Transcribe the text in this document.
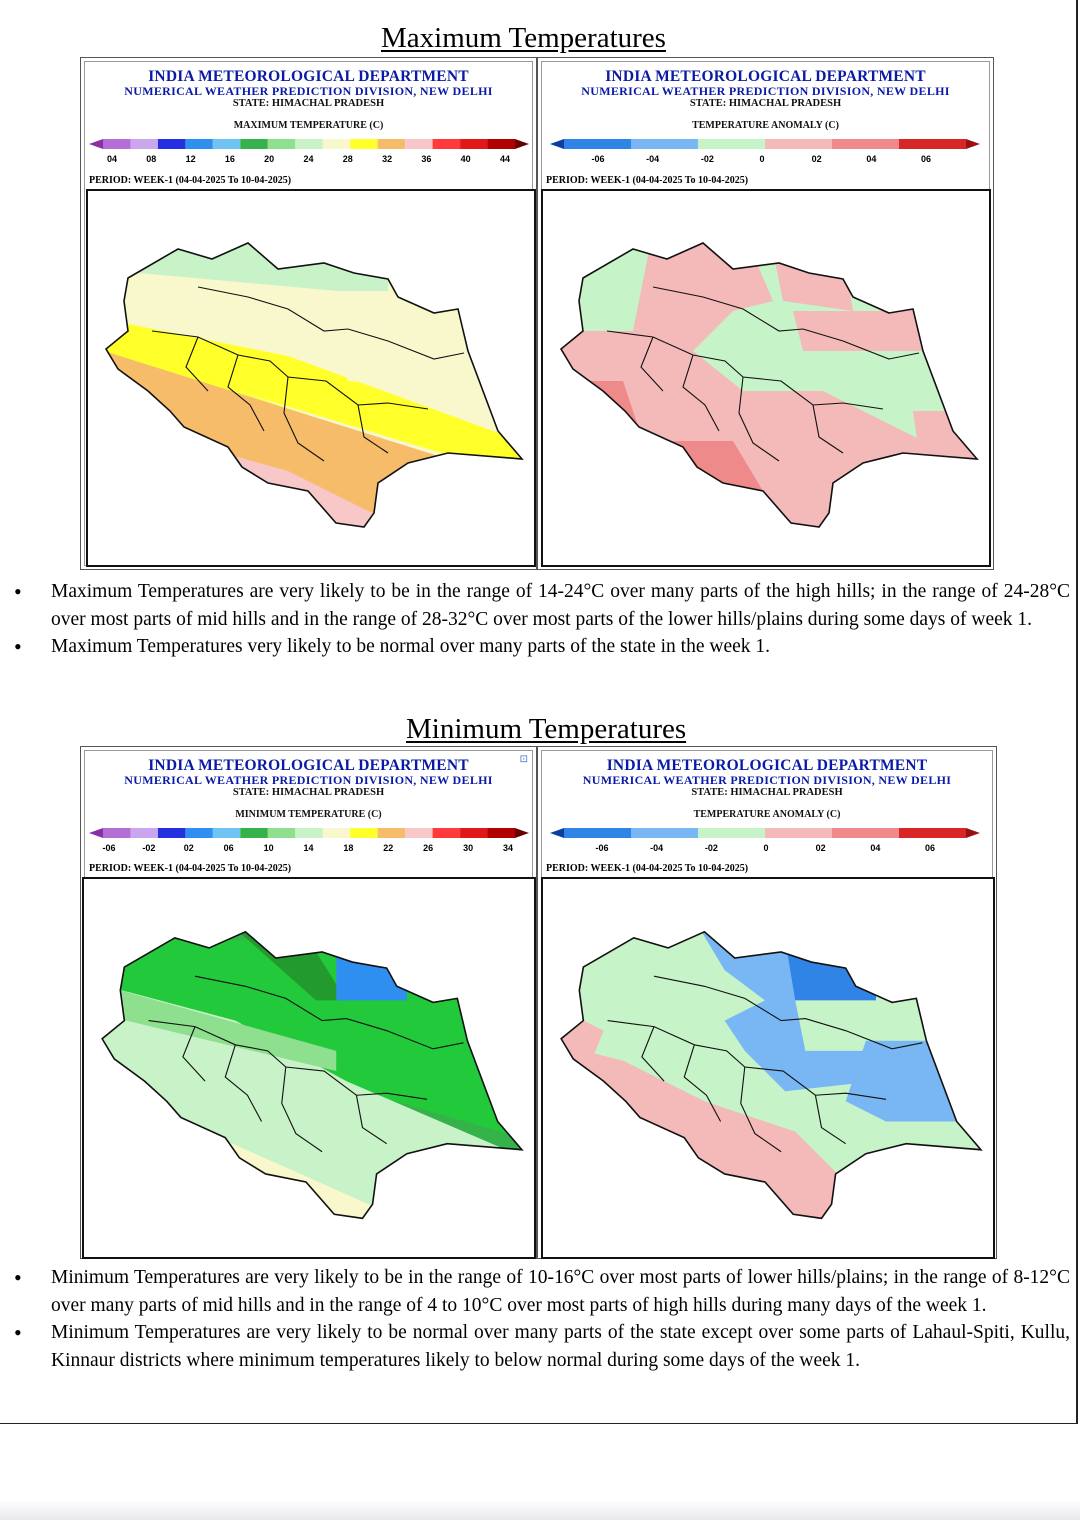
Maximum Temperatures
INDIA METEOROLOGICAL DEPARTMENT
NUMERICAL WEATHER PREDICTION DIVISION, NEW DELHI
STATE: HIMACHAL PRADESH
MAXIMUM TEMPERATURE (C)
04	08	12	16	20	24	28	32	36	40	44
PERIOD: WEEK-1 (04-04-2025 To 10-04-2025)
INDIA METEOROLOGICAL DEPARTMENT
NUMERICAL WEATHER PREDICTION DIVISION, NEW DELHI
STATE: HIMACHAL PRADESH
TEMPERATURE ANOMALY (C)
-06	-04	-02	0	02	04	06
PERIOD: WEEK-1 (04-04-2025 To 10-04-2025)
• Maximum Temperatures are very likely to be in the range of 14-24°C over many parts of the high hills; in the range of 24-28°C over most parts of mid hills and in the range of 28-32°C over most parts of the lower hills/plains during some days of week 1.
• Maximum Temperatures very likely to be normal over many parts of the state in the week 1.
Minimum Temperatures
⊡
INDIA METEOROLOGICAL DEPARTMENT
NUMERICAL WEATHER PREDICTION DIVISION, NEW DELHI
STATE: HIMACHAL PRADESH
MINIMUM TEMPERATURE (C)
-06	-02	02	06	10	14	18	22	26	30	34
PERIOD: WEEK-1 (04-04-2025 To 10-04-2025)
INDIA METEOROLOGICAL DEPARTMENT
NUMERICAL WEATHER PREDICTION DIVISION, NEW DELHI
STATE: HIMACHAL PRADESH
TEMPERATURE ANOMALY (C)
-06	-04	-02	0	02	04	06
PERIOD: WEEK-1 (04-04-2025 To 10-04-2025)
• Minimum Temperatures are very likely to be in the range of 10-16°C over most parts of lower hills/plains; in the range of 8-12°C over many parts of mid hills and in the range of 4 to 10°C over most parts of high hills during many days of the week 1.
• Minimum Temperatures are very likely to be normal over many parts of the state except over some parts of Lahaul-Spiti, Kullu, Kinnaur districts where minimum temperatures likely to below normal during some days of the week 1.
